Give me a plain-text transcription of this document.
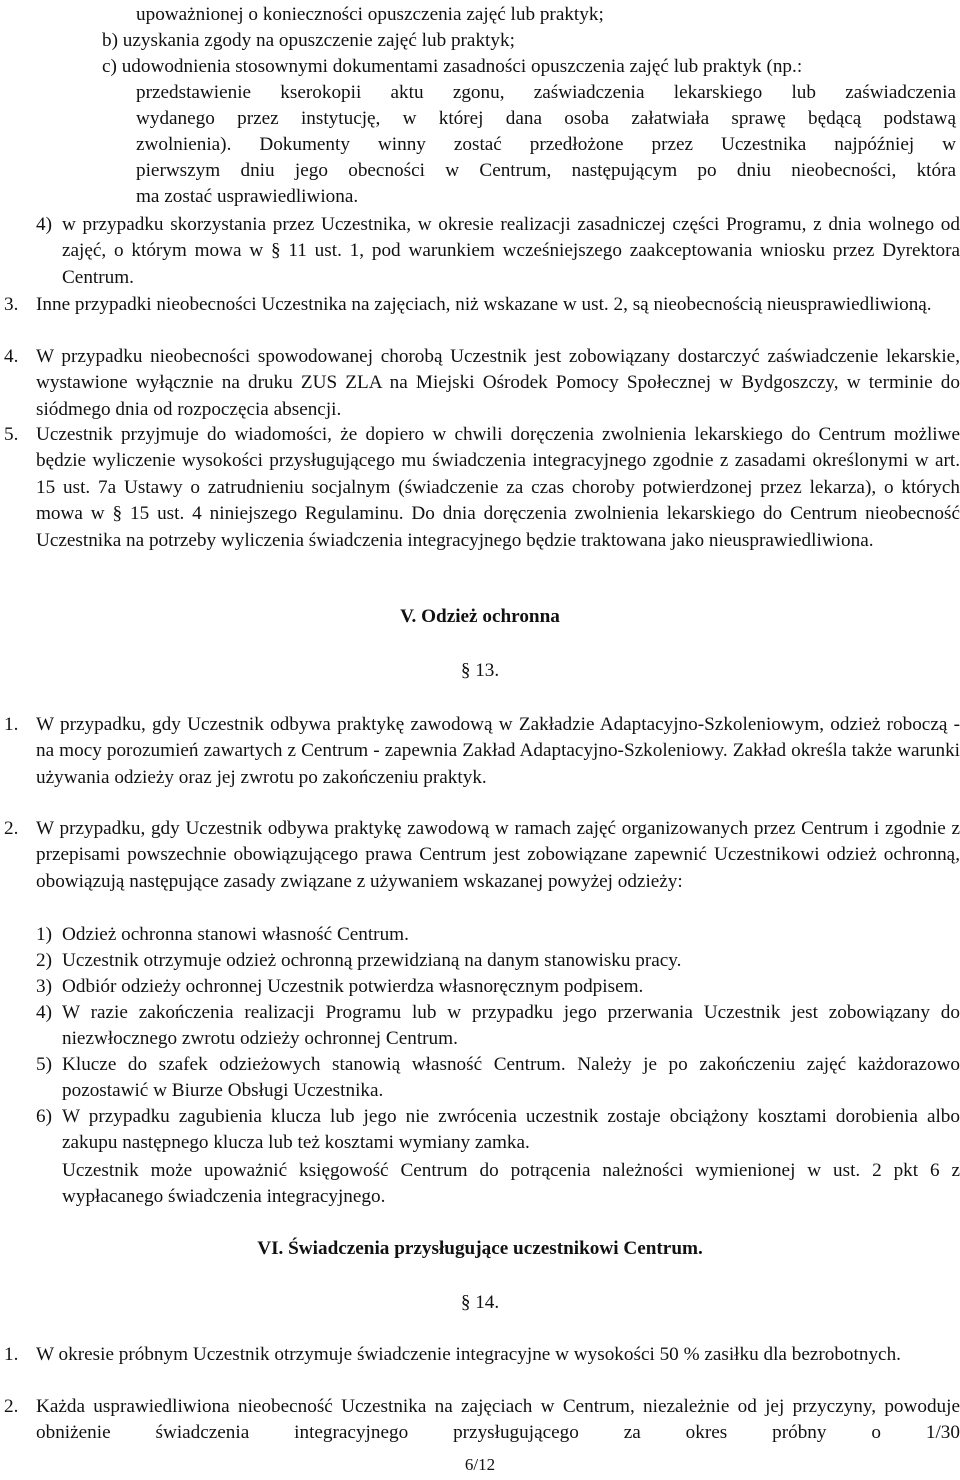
upoważnionej o konieczności opuszczenia zajęć lub praktyk;
b) uzyskania zgody na opuszczenie zajęć lub praktyk;
c) udowodnienia stosownymi dokumentami zasadności opuszczenia zajęć lub praktyk (np.:
przedstawienie kserokopii aktu zgonu, zaświadczenia lekarskiego lub zaświadczenia
wydanego przez instytucję, w której dana osoba załatwiała sprawę będącą podstawą
zwolnienia). Dokumenty winny zostać przedłożone przez Uczestnika najpóźniej w
pierwszym dniu jego obecności w Centrum, następującym po dniu nieobecności, która
ma zostać usprawiedliwiona.
4) w przypadku skorzystania przez Uczestnika, w okresie realizacji zasadniczej części Programu, z dnia wolnego od zajęć, o którym mowa w § 11 ust. 1, pod warunkiem wcześniejszego zaakceptowania wniosku przez Dyrektora Centrum.
3. Inne przypadki nieobecności Uczestnika na zajęciach, niż wskazane w ust. 2, są nieobecnością nieusprawiedliwioną.
4. W przypadku nieobecności spowodowanej chorobą Uczestnik jest zobowiązany dostarczyć zaświadczenie lekarskie, wystawione wyłącznie na druku ZUS ZLA na Miejski Ośrodek Pomocy Społecznej w Bydgoszczy, w terminie do siódmego dnia od rozpoczęcia absencji.
5. Uczestnik przyjmuje do wiadomości, że dopiero w chwili doręczenia zwolnienia lekarskiego do Centrum możliwe będzie wyliczenie wysokości przysługującego mu świadczenia integracyjnego zgodnie z zasadami określonymi w art. 15 ust. 7a Ustawy o zatrudnieniu socjalnym (świadczenie za czas choroby potwierdzonej przez lekarza), o których mowa w § 15 ust. 4 niniejszego Regulaminu. Do dnia doręczenia zwolnienia lekarskiego do Centrum nieobecność Uczestnika na potrzeby wyliczenia świadczenia integracyjnego będzie traktowana jako nieusprawiedliwiona.
V. Odzież ochronna
§ 13.
1. W przypadku, gdy Uczestnik odbywa praktykę zawodową w Zakładzie Adaptacyjno-Szkoleniowym, odzież roboczą - na mocy porozumień zawartych z Centrum - zapewnia Zakład Adaptacyjno-Szkoleniowy. Zakład określa także warunki używania odzieży oraz jej zwrotu po zakończeniu praktyk.
2. W przypadku, gdy Uczestnik odbywa praktykę zawodową w ramach zajęć organizowanych przez Centrum i zgodnie z przepisami powszechnie obowiązującego prawa Centrum jest zobowiązane zapewnić Uczestnikowi odzież ochronną, obowiązują następujące zasady związane z używaniem wskazanej powyżej odzieży:
1) Odzież ochronna stanowi własność Centrum.
2) Uczestnik otrzymuje odzież ochronną przewidzianą na danym stanowisku pracy.
3) Odbiór odzieży ochronnej Uczestnik potwierdza własnoręcznym podpisem.
4) W razie zakończenia realizacji Programu lub w przypadku jego przerwania Uczestnik jest zobowiązany do niezwłocznego zwrotu odzieży ochronnej Centrum.
5) Klucze do szafek odzieżowych stanowią własność Centrum. Należy je po zakończeniu zajęć każdorazowo pozostawić w Biurze Obsługi Uczestnika.
6) W przypadku zagubienia klucza lub jego nie zwrócenia uczestnik zostaje obciążony kosztami dorobienia albo zakupu następnego klucza lub też kosztami wymiany zamka.
Uczestnik może upoważnić księgowość Centrum do potrącenia należności wymienionej w ust. 2 pkt 6 z wypłacanego świadczenia integracyjnego.
VI. Świadczenia przysługujące uczestnikowi Centrum.
§ 14.
1. W okresie próbnym Uczestnik otrzymuje świadczenie integracyjne w wysokości 50 % zasiłku dla bezrobotnych.
2. Każda usprawiedliwiona nieobecność Uczestnika na zajęciach w Centrum, niezależnie od jej przyczyny, powoduje obniżenie świadczenia integracyjnego przysługującego za okres próbny o 1/30
6/12
